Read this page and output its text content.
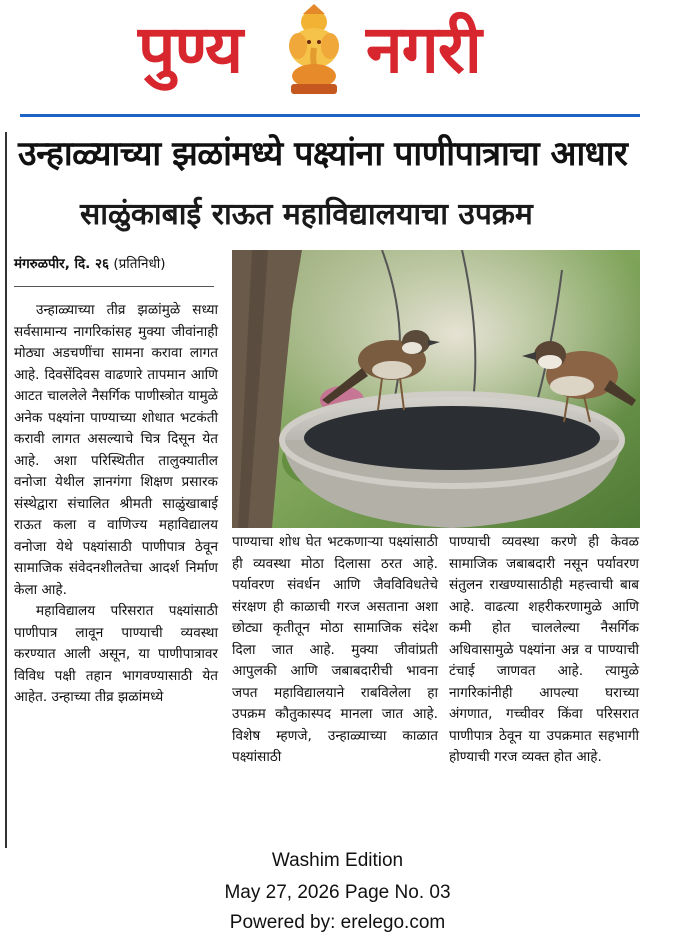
पुण्य नगरी
उन्हाळ्याच्या झळांमध्ये पक्ष्यांना पाणीपात्राचा आधार
साळुंकाबाई राऊत महाविद्यालयाचा उपक्रम
मंगरुळपीर, दि. २६ (प्रतिनिधी)

उन्हाळ्याच्या तीव्र झळांमुळे सध्या सर्वसामान्य नागरिकांसह मुक्या जीवांनाही मोठ्या अडचणींचा सामना करावा लागत आहे. दिवसेंदिवस वाढणारे तापमान आणि आटत चाललेले नैसर्गिक पाणीस्त्रोत यामुळे अनेक पक्ष्यांना पाण्याच्या शोधात भटकंती करावी लागत असल्याचे चित्र दिसून येत आहे. अशा परिस्थितीत तालुक्यातील वनोजा येथील ज्ञानगंगा शिक्षण प्रसारक संस्थेद्वारा संचालित श्रीमती साळुंखाबाई राऊत कला व वाणिज्य महाविद्यालय वनोजा येथे पक्ष्यांसाठी पाणीपात्र ठेवून सामाजिक संवेदनशीलतेचा आदर्श निर्माण केला आहे.

महाविद्यालय परिसरात पक्ष्यांसाठी पाणीपात्र लावून पाण्याची व्यवस्था करण्यात आली असून, या पाणीपात्रावर विविध पक्षी तहान भागवण्यासाठी येत आहेत. उन्हाच्या तीव्र झळांमध्ये

पाण्याचा शोध घेत भटकणाऱ्या पक्ष्यांसाठी ही व्यवस्था मोठा दिलासा ठरत आहे. पर्यावरण संवर्धन आणि जैवविविधतेचे संरक्षण ही काळाची गरज असताना अशा छोट्या कृतीतून मोठा सामाजिक संदेश दिला जात आहे. मुक्या जीवांप्रती आपुलकी आणि जबाबदारीची भावना जपत महाविद्यालयाने राबविलेला हा उपक्रम कौतुकास्पद मानला जात आहे. विशेष म्हणजे, उन्हाळ्याच्या काळात पक्ष्यांसाठी

पाण्याची व्यवस्था करणे ही केवळ सामाजिक जबाबदारी नसून पर्यावरण संतुलन राखण्यासाठीही महत्त्वाची बाब आहे. वाढत्या शहरीकरणामुळे आणि कमी होत चाललेल्या नैसर्गिक अधिवासामुळे पक्ष्यांना अन्न व पाण्याची टंचाई जाणवत आहे. त्यामुळे नागरिकांनीही आपल्या घराच्या अंगणात, गच्चीवर किंवा परिसरात पाणीपात्र ठेवून या उपक्रमात सहभागी होण्याची गरज व्यक्त होत आहे.

Washim Edition
May 27, 2026 Page No. 03
Powered by: erelego.com
